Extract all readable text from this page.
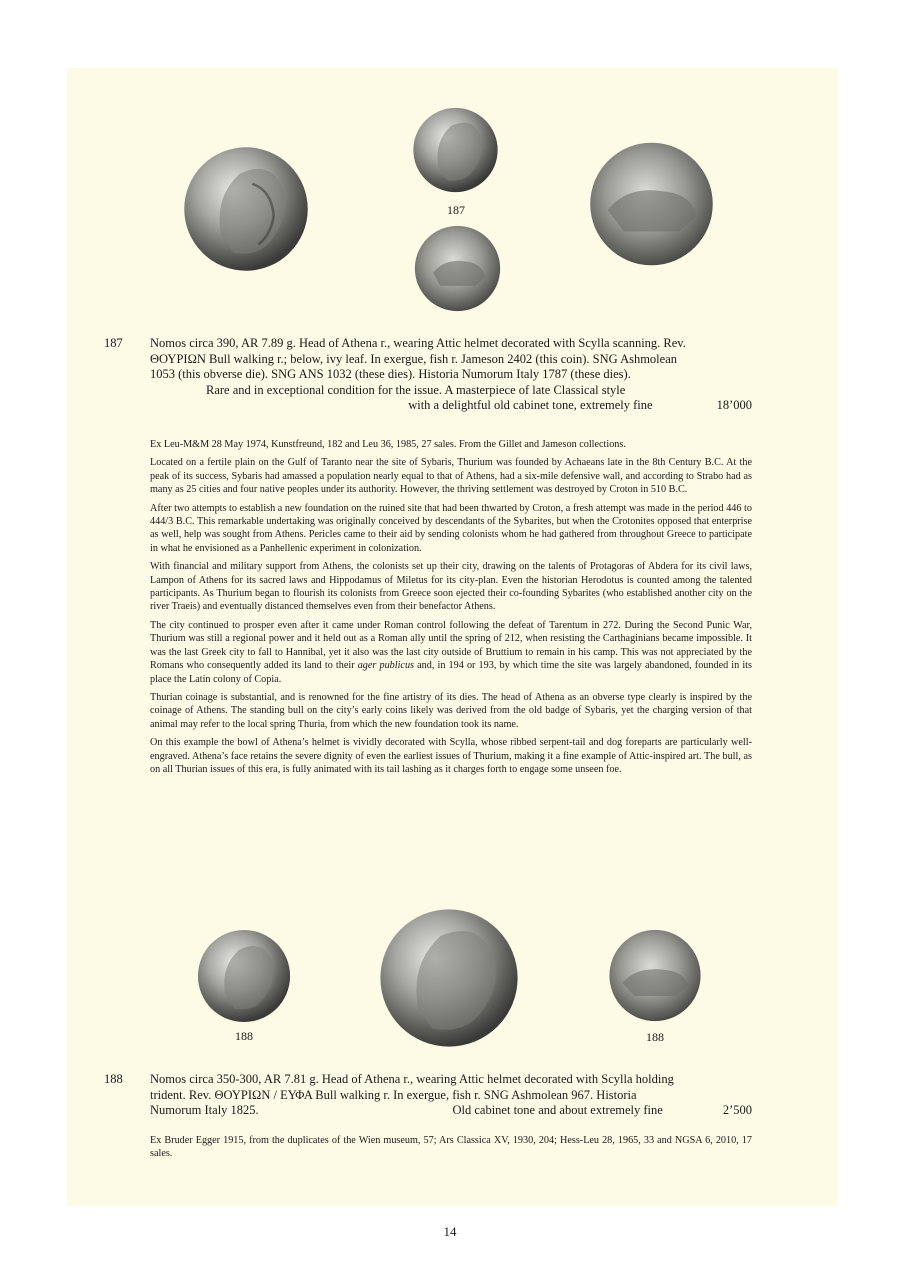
187
187 Nomos circa 390, AR 7.89 g. Head of Athena r., wearing Attic helmet decorated with Scylla scanning. Rev.
ΘΟΥΡΙΩΝ Bull walking r.; below, ivy leaf. In exergue, fish r. Jameson 2402 (this coin). SNG Ashmolean
1053 (this obverse die). SNG ANS 1032 (these dies). Historia Numorum Italy 1787 (these dies).
Rare and in exceptional condition for the issue. A masterpiece of late Classical style
with a delightful old cabinet tone, extremely fine	18’000

Ex Leu-M&M 28 May 1974, Kunstfreund, 182 and Leu 36, 1985, 27 sales. From the Gillet and Jameson collections.

Located on a fertile plain on the Gulf of Taranto near the site of Sybaris, Thurium was founded by Achaeans late in the 8th Century B.C. At the peak of its success, Sybaris had amassed a population nearly equal to that of Athens, had a six-mile defensive wall, and according to Strabo had as many as 25 cities and four native peoples under its authority. However, the thriving settlement was destroyed by Croton in 510 B.C.

After two attempts to establish a new foundation on the ruined site that had been thwarted by Croton, a fresh attempt was made in the period 446 to 444/3 B.C. This remarkable undertaking was originally conceived by descendants of the Sybarites, but when the Crotonites opposed that enterprise as well, help was sought from Athens. Pericles came to their aid by sending colonists whom he had gathered from throughout Greece to participate in what he envisioned as a Panhellenic experiment in colonization.

With financial and military support from Athens, the colonists set up their city, drawing on the talents of Protagoras of Abdera for its civil laws, Lampon of Athens for its sacred laws and Hippodamus of Miletus for its city-plan. Even the historian Herodotus is counted among the talented participants. As Thurium began to flourish its colonists from Greece soon ejected their co-founding Sybarites (who established another city on the river Traeis) and eventually distanced themselves even from their benefactor Athens.

The city continued to prosper even after it came under Roman control following the defeat of Tarentum in 272. During the Second Punic War, Thurium was still a regional power and it held out as a Roman ally until the spring of 212, when resisting the Carthaginians became impossible. It was the last Greek city to fall to Hannibal, yet it also was the last city outside of Bruttium to remain in his camp. This was not appreciated by the Romans who consequently added its land to their ager publicus and, in 194 or 193, by which time the site was largely abandoned, founded in its place the Latin colony of Copia.

Thurian coinage is substantial, and is renowned for the fine artistry of its dies. The head of Athena as an obverse type clearly is inspired by the coinage of Athens. The standing bull on the city’s early coins likely was derived from the old badge of Sybaris, yet the charging version of that animal may refer to the local spring Thuria, from which the new foundation took its name.

On this example the bowl of Athena’s helmet is vividly decorated with Scylla, whose ribbed serpent-tail and dog foreparts are particularly well-engraved. Athena’s face retains the severe dignity of even the earliest issues of Thurium, making it a fine example of Attic-inspired art. The bull, as on all Thurian issues of this era, is fully animated with its tail lashing as it charges forth to engage some unseen foe.

188	188
188 Nomos circa 350-300, AR 7.81 g. Head of Athena r., wearing Attic helmet decorated with Scylla holding
trident. Rev. ΘΟΥΡΙΩΝ / ΕΥΦΑ Bull walking r. In exergue, fish r. SNG Ashmolean 967. Historia
Numorum Italy 1825.	Old cabinet tone and about extremely fine	2’500

Ex Bruder Egger 1915, from the duplicates of the Wien museum, 57; Ars Classica XV, 1930, 204; Hess-Leu 28, 1965, 33 and NGSA 6, 2010, 17 sales.

14
